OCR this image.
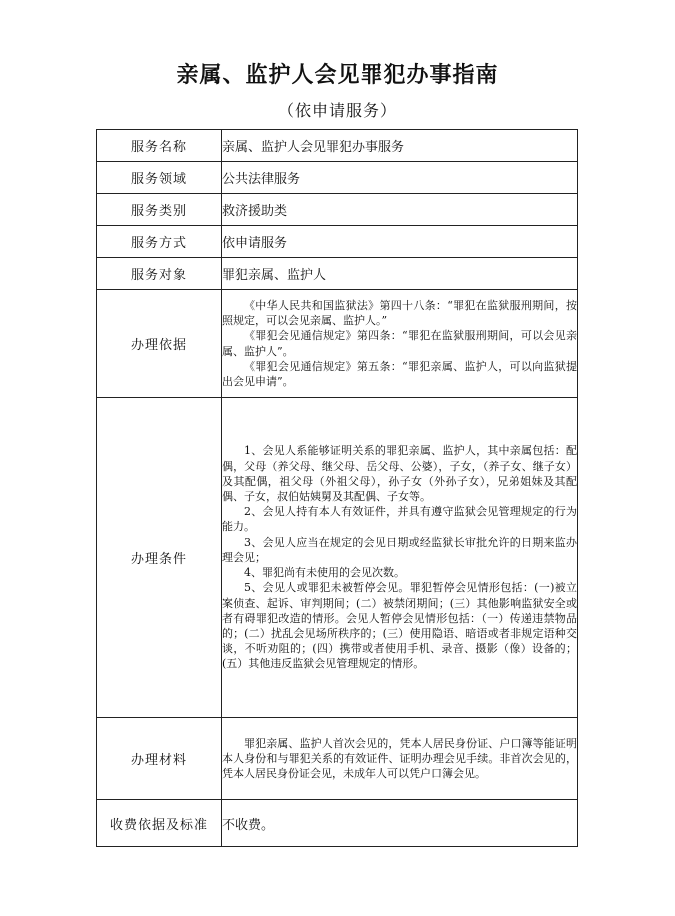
亲属、监护人会见罪犯办事指南
（依申请服务）
服务名称	亲属、监护人会见罪犯办事服务
服务领域	公共法律服务
服务类别	救济援助类
服务方式	依申请服务
服务对象	罪犯亲属、监护人
办理依据	《中华人民共和国监狱法》第四十八条：“罪犯在监狱服刑期间，按照规定，可以会见亲属、监护人。”

《罪犯会见通信规定》第四条：“罪犯在监狱服刑期间，可以会见亲属、监护人”。

《罪犯会见通信规定》第五条：“罪犯亲属、监护人，可以向监狱提出会见申请”。

办理条件	1、会见人系能够证明关系的罪犯亲属、监护人，其中亲属包括：配偶，父母（养父母、继父母、岳父母、公婆），子女，（养子女、继子女）及其配偶，祖父母（外祖父母），孙子女（外孙子女），兄弟姐妹及其配偶、子女，叔伯姑姨舅及其配偶、子女等。

2、会见人持有本人有效证件，并具有遵守监狱会见管理规定的行为能力。

3、会见人应当在规定的会见日期或经监狱长审批允许的日期来监办理会见；

4、罪犯尚有未使用的会见次数。

5、会见人或罪犯未被暂停会见。罪犯暂停会见情形包括：(一)被立案侦查、起诉、审判期间；(二）被禁闭期间；(三）其他影响监狱安全或者有碍罪犯改造的情形。会见人暂停会见情形包括：（一）传递违禁物品的；(二）扰乱会见场所秩序的；(三）使用隐语、暗语或者非规定语种交谈，不听劝阻的；(四）携带或者使用手机、录音、摄影（像）设备的；(五）其他违反监狱会见管理规定的情形。

办理材料	罪犯亲属、监护人首次会见的，凭本人居民身份证、户口簿等能证明本人身份和与罪犯关系的有效证件、证明办理会见手续。非首次会见的，凭本人居民身份证会见，未成年人可以凭户口簿会见。

收费依据及标准	不收费。
